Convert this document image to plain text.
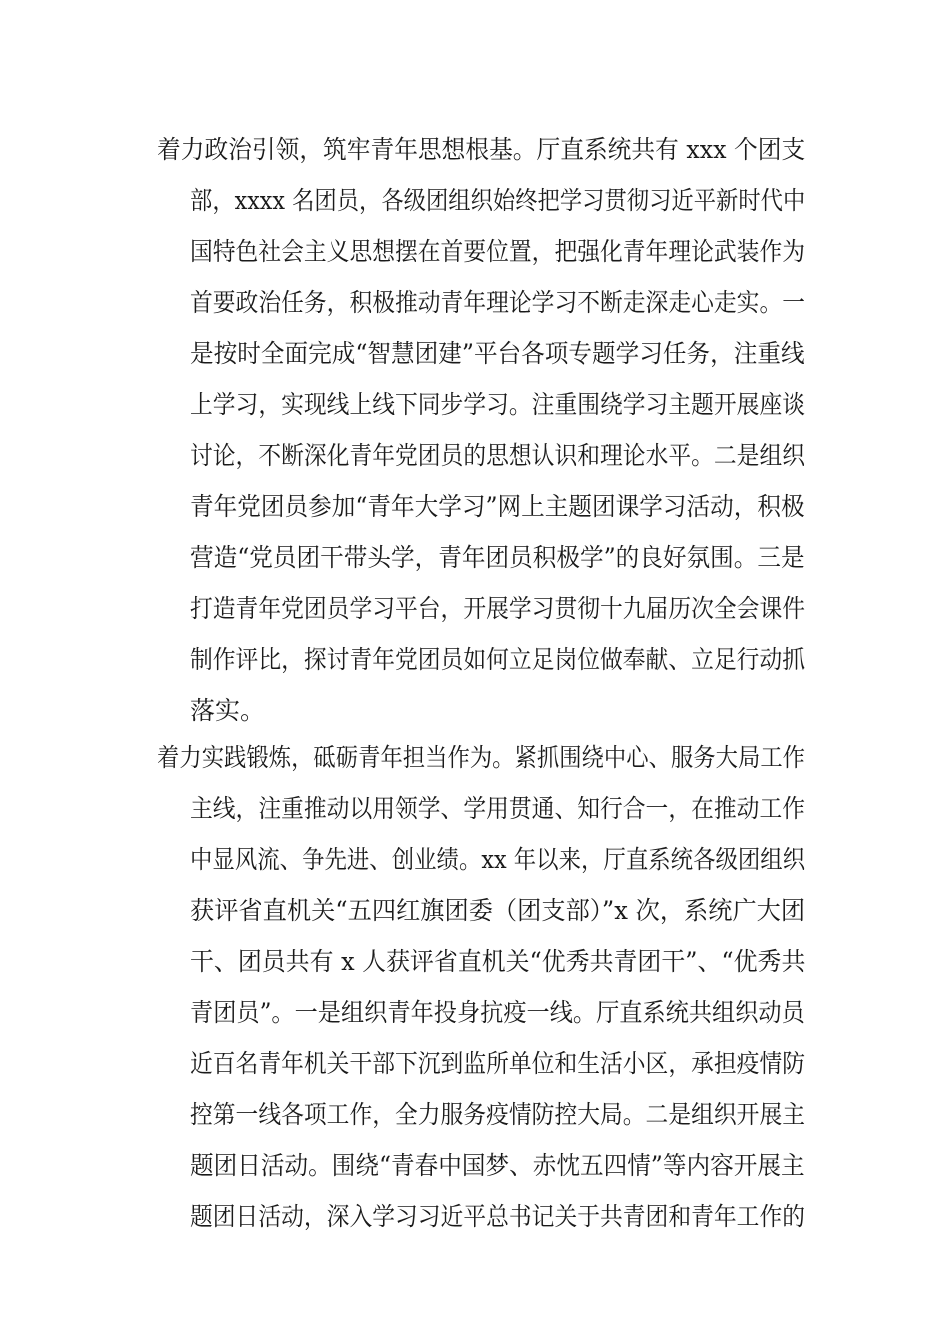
着力政治引领，筑牢青年思想根基。厅直系统共有 xxx 个团支
部，xxxx 名团员，各级团组织始终把学习贯彻习近平新时代中
国特色社会主义思想摆在首要位置，把强化青年理论武装作为
首要政治任务，积极推动青年理论学习不断走深走心走实。一
是按时全面完成“智慧团建”平台各项专题学习任务，注重线
上学习，实现线上线下同步学习。注重围绕学习主题开展座谈
讨论，不断深化青年党团员的思想认识和理论水平。二是组织
青年党团员参加“青年大学习”网上主题团课学习活动，积极
营造“党员团干带头学，青年团员积极学”的良好氛围。三是
打造青年党团员学习平台，开展学习贯彻十九届历次全会课件
制作评比，探讨青年党团员如何立足岗位做奉献、立足行动抓
落实。
着力实践锻炼，砥砺青年担当作为。紧抓围绕中心、服务大局工作
主线，注重推动以用领学、学用贯通、知行合一，在推动工作
中显风流、争先进、创业绩。xx 年以来，厅直系统各级团组织
获评省直机关“五四红旗团委（团支部）”x 次，系统广大团
干、团员共有 x 人获评省直机关“优秀共青团干”、“优秀共
青团员”。一是组织青年投身抗疫一线。厅直系统共组织动员
近百名青年机关干部下沉到监所单位和生活小区，承担疫情防
控第一线各项工作，全力服务疫情防控大局。二是组织开展主
题团日活动。围绕“青春中国梦、赤忱五四情”等内容开展主
题团日活动，深入学习习近平总书记关于共青团和青年工作的
